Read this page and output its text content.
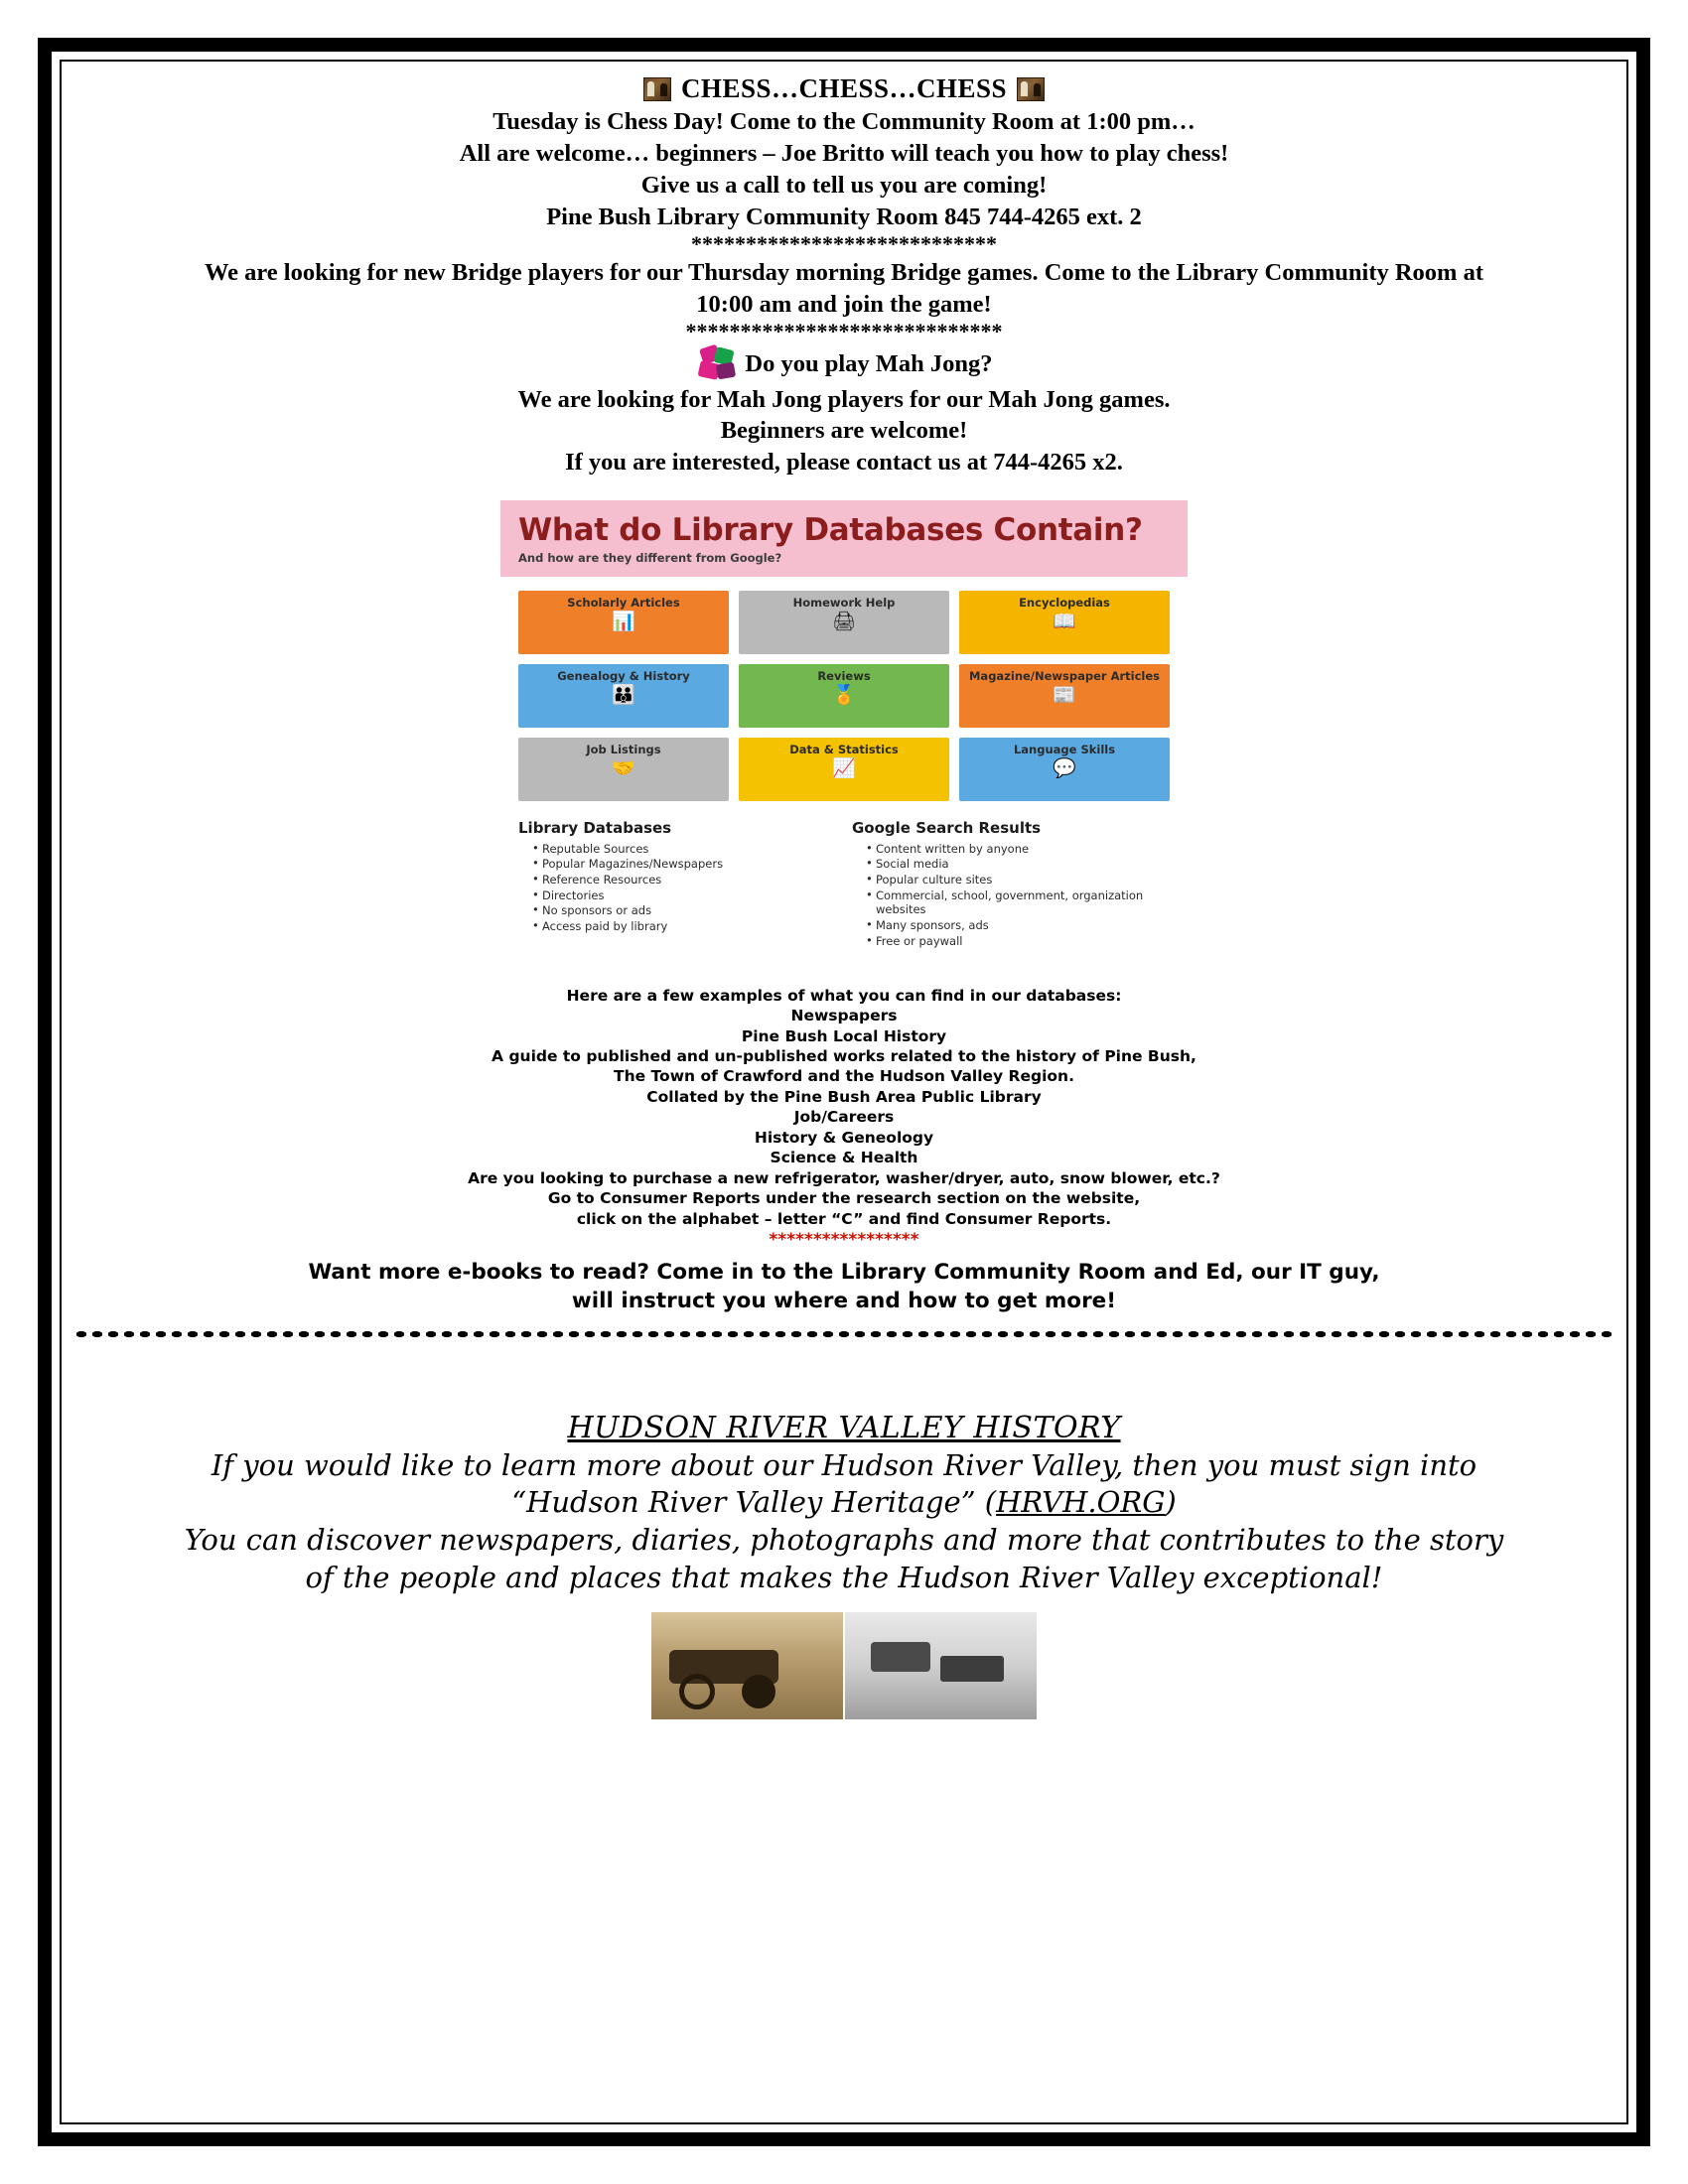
CHESS…CHESS…CHESS
Tuesday is Chess Day! Come to the Community Room at 1:00 pm…
All are welcome… beginners – Joe Britto will teach you how to play chess!
Give us a call to tell us you are coming!
Pine Bush Library Community Room 845 744-4265 ext. 2
****************************
We are looking for new Bridge players for our Thursday morning Bridge games. Come to the Library Community Room at
10:00 am and join the game!
*****************************
Do you play Mah Jong?
We are looking for Mah Jong players for our Mah Jong games.
Beginners are welcome!
If you are interested, please contact us at 744-4265 x2.
What do Library Databases Contain?
And how are they different from Google?
Scholarly Articles
📊
Homework Help
🖨
Encyclopedias
📖
Genealogy & History
👪
Reviews
🏅
Magazine/Newspaper Articles
📰
Job Listings
🤝
Data & Statistics
📈
Language Skills
💬
Library Databases
• Reputable Sources
• Popular Magazines/Newspapers
• Reference Resources
• Directories
• No sponsors or ads
• Access paid by library
Google Search Results
• Content written by anyone
• Social media
• Popular culture sites
• Commercial, school, government, organization websites
• Many sponsors, ads
• Free or paywall
Here are a few examples of what you can find in our databases:
Newspapers
Pine Bush Local History
A guide to published and un-published works related to the history of Pine Bush,
The Town of Crawford and the Hudson Valley Region.
Collated by the Pine Bush Area Public Library
Job/Careers
History & Geneology
Science & Health
Are you looking to purchase a new refrigerator, washer/dryer, auto, snow blower, etc.?
Go to Consumer Reports under the research section on the website,
click on the alphabet – letter “C” and find Consumer Reports.
*****************
Want more e-books to read? Come in to the Library Community Room and Ed, our IT guy,
will instruct you where and how to get more!
HUDSON RIVER VALLEY HISTORY
If you would like to learn more about our Hudson River Valley, then you must sign into
“Hudson River Valley Heritage” (HRVH.ORG)
You can discover newspapers, diaries, photographs and more that contributes to the story
of the people and places that makes the Hudson River Valley exceptional!
